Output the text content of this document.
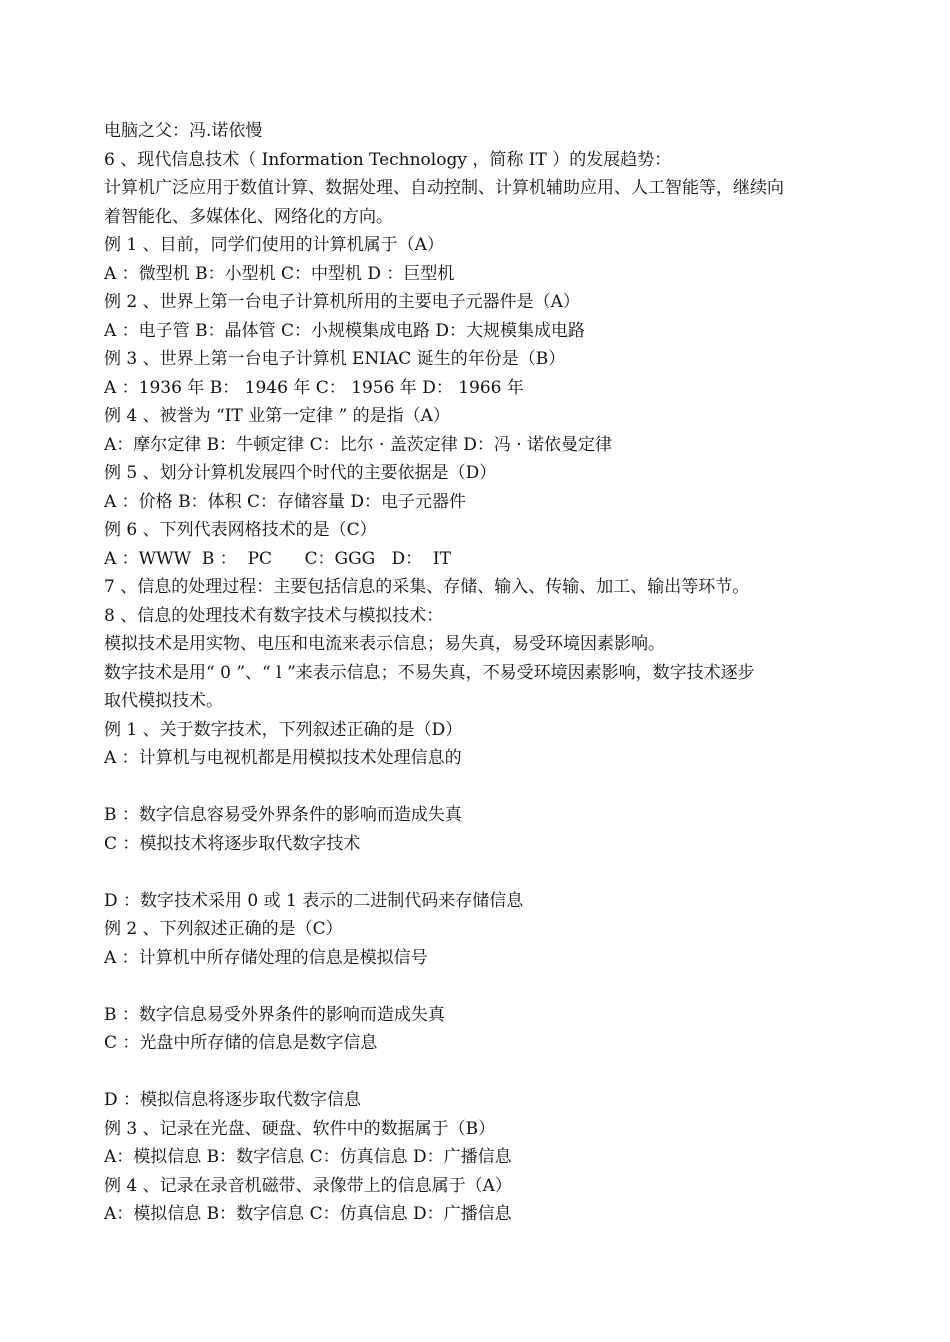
电脑之父：冯.诺依慢
6 、现代信息技术（ Information Technology ，简称 IT ）的发展趋势：
计算机广泛应用于数值计算、数据处理、自动控制、计算机辅助应用、人工智能等，继续向
着智能化、多媒体化、网络化的方向。
例 1 、目前，同学们使用的计算机属于（A）
A ：微型机 B：小型机 C：中型机 D ：巨型机
例 2 、世界上第一台电子计算机所用的主要电子元器件是（A）
A ：电子管 B：晶体管 C：小规模集成电路 D：大规模集成电路
例 3 、世界上第一台电子计算机 ENIAC 诞生的年份是（B）
A ：1936 年 B： 1946 年 C： 1956 年 D： 1966 年
例 4 、被誉为 “IT 业第一定律 ” 的是指（A）
A：摩尔定律 B：牛顿定律 C：比尔 · 盖茨定律 D：冯 · 诺依曼定律
例 5 、划分计算机发展四个时代的主要依据是（D）
A ：价格 B：体积 C：存储容量 D：电子元器件
例 6 、下列代表网格技术的是（C）
A ：WWW  B ：  PC      C：GGG   D：  IT
7 、信息的处理过程：主要包括信息的采集、存储、输入、传输、加工、输出等环节。
8 、信息的处理技术有数字技术与模拟技术：
模拟技术是用实物、电压和电流来表示信息；易失真，易受环境因素影响。
数字技术是用“ 0 ”、“ l ”来表示信息；不易失真，不易受环境因素影响，数字技术逐步
取代模拟技术。
例 1 、关于数字技术，下列叙述正确的是（D）
A ：计算机与电视机都是用模拟技术处理信息的
B ：数字信息容易受外界条件的影响而造成失真
C ：模拟技术将逐步取代数字技术
D ：数字技术采用 0 或 1 表示的二进制代码来存储信息
例 2 、下列叙述正确的是（C）
A ：计算机中所存储处理的信息是模拟信号
B ：数字信息易受外界条件的影响而造成失真
C ：光盘中所存储的信息是数字信息
D ：模拟信息将逐步取代数字信息
例 3 、记录在光盘、硬盘、软件中的数据属于（B）
A：模拟信息 B：数字信息 C：仿真信息 D：广播信息
例 4 、记录在录音机磁带、录像带上的信息属于（A）
A：模拟信息 B：数字信息 C：仿真信息 D：广播信息
